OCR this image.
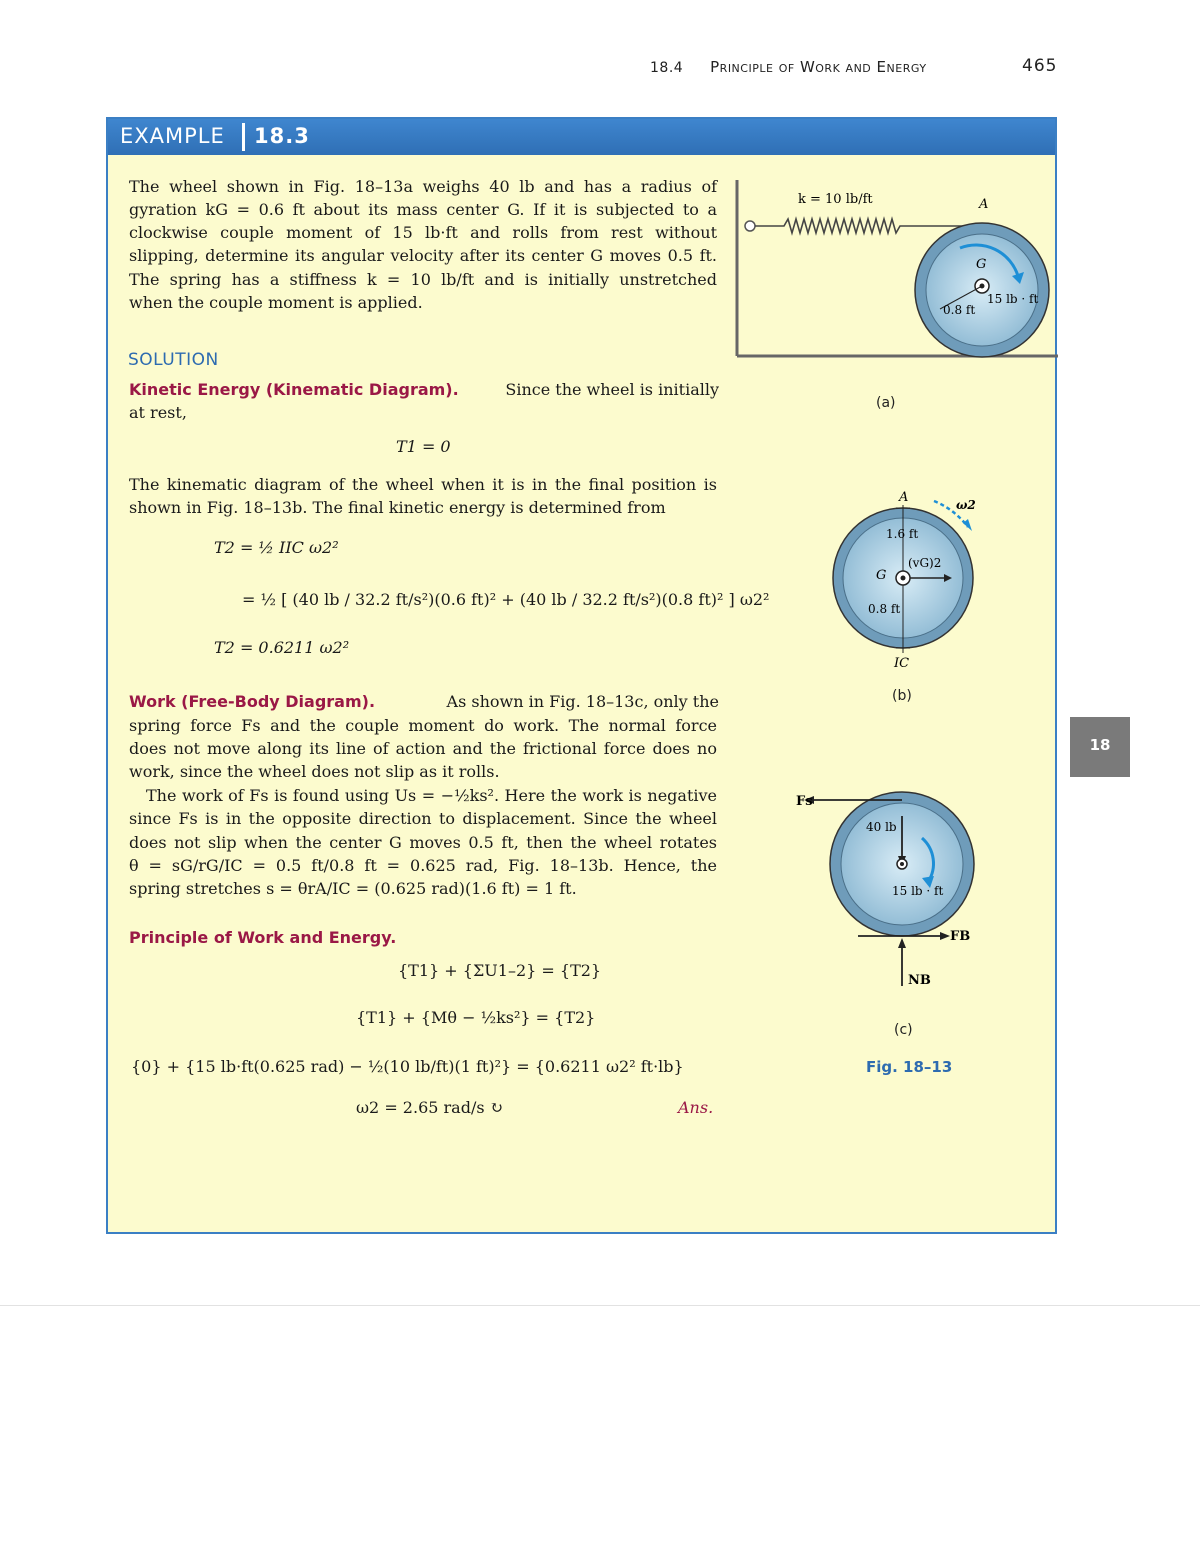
18.4 Principle of Work and Energy	465
18
EXAMPLE 18.3
The wheel shown in Fig. 18–13a weighs 40 lb and has a radius of
gyration kG = 0.6 ft about its mass center G. If it is subjected to a
clockwise couple moment of 15 lb·ft and rolls from rest without
slipping, determine its angular velocity after its center G moves 0.5 ft.
The spring has a stiffness k = 10 lb/ft and is initially unstretched
when the couple moment is applied.
SOLUTION
Kinetic Energy (Kinematic Diagram).	Since the wheel is initially
at rest,
T1 = 0
The kinematic diagram of the wheel when it is in the final position is
shown in Fig. 18–13b. The final kinetic energy is determined from
T2 = ½ IIC ω2²
= ½ [ (40 lb / 32.2 ft/s²)(0.6 ft)² + (40 lb / 32.2 ft/s²)(0.8 ft)² ] ω2²
T2 = 0.6211 ω2²
Work (Free-Body Diagram).	As shown in Fig. 18–13c, only the
spring force Fs and the couple moment do work. The normal force
does not move along its line of action and the frictional force does no
work, since the wheel does not slip as it rolls.
The work of Fs is found using Us = −½ks². Here the work is negative
since Fs is in the opposite direction to displacement. Since the wheel
does not slip when the center G moves 0.5 ft, then the wheel rotates
θ = sG/rG/IC = 0.5 ft/0.8 ft = 0.625 rad, Fig. 18–13b. Hence, the
spring stretches s = θrA/IC = (0.625 rad)(1.6 ft) = 1 ft.
Principle of Work and Energy.
{T1} + {ΣU1–2} = {T2}
{T1} + {Mθ − ½ks²} = {T2}
{0} + {15 lb·ft(0.625 rad) − ½(10 lb/ft)(1 ft)²} = {0.6211 ω2² ft·lb}
ω2 = 2.65 rad/s ↻	Ans.
k = 10 lb/ft	A
G
0.8 ft
15 lb · ft
(a)
A	ω2
1.6 ft
(vG)2
G
0.8 ft
IC
(b)
Fs
40 lb
15 lb · ft
FB
NB
(c)
Fig. 18–13
